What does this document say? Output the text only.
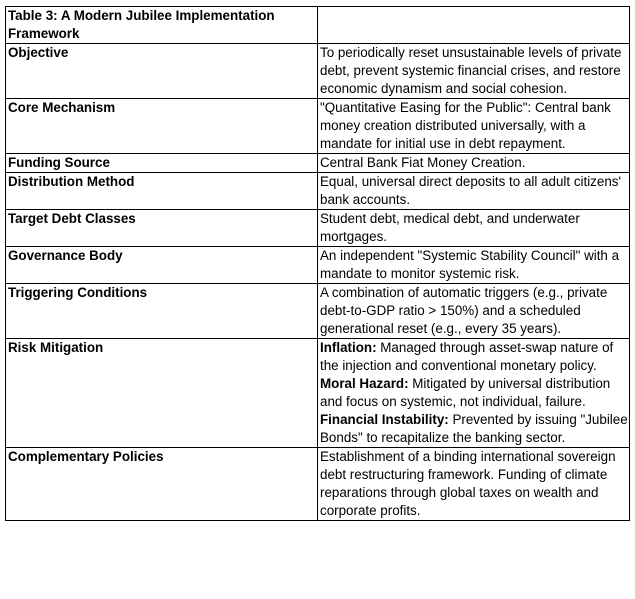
Table 3: A Modern Jubilee Implementation Framework	
Objective	To periodically reset unsustainable levels of private debt, prevent systemic financial crises, and restore economic dynamism and social cohesion.
Core Mechanism	"Quantitative Easing for the Public": Central bank money creation distributed universally, with a mandate for initial use in debt repayment.
Funding Source	Central Bank Fiat Money Creation.
Distribution Method	Equal, universal direct deposits to all adult citizens' bank accounts.
Target Debt Classes	Student debt, medical debt, and underwater mortgages.
Governance Body	An independent "Systemic Stability Council" with a mandate to monitor systemic risk.
Triggering Conditions	A combination of automatic triggers (e.g., private debt-to-GDP ratio > 150%) and a scheduled generational reset (e.g., every 35 years).
Risk Mitigation	Inflation: Managed through asset-swap nature of the injection and conventional monetary policy. Moral Hazard: Mitigated by universal distribution and focus on systemic, not individual, failure. Financial Instability: Prevented by issuing "Jubilee Bonds" to recapitalize the banking sector.
Complementary Policies	Establishment of a binding international sovereign debt restructuring framework. Funding of climate reparations through global taxes on wealth and corporate profits.
